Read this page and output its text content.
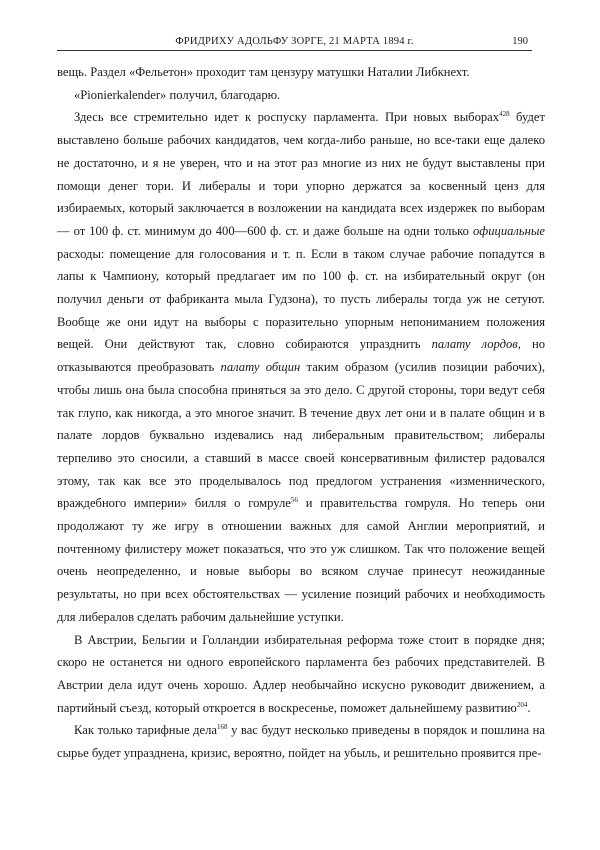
ФРИДРИХУ АДОЛЬФУ ЗОРГЕ, 21 МАРТА 1894 г.	190

вещь. Раздел «Фельетон» проходит там цензуру матушки Наталии Либкнехт.

«Pionierkalender» получил, благодарю.

Здесь все стремительно идет к роспуску парламента. При новых выборах$^{428}$ будет выставлено больше рабочих кандидатов, чем когда-либо раньше, но все-таки еще далеко не достаточно, и я не уверен, что и на этот раз многие из них не будут выставлены при помощи денег тори. И либералы и тори упорно держатся за косвенный ценз для избираемых, который заключается в возложении на кандидата всех издержек по выборам — от 100 ф. ст. минимум до 400—600 ф. ст. и даже больше на одни только официальные расходы: помещение для голосования и т. п. Если в таком случае рабочие попадутся в лапы к Чампиону, который предлагает им по 100 ф. ст. на избирательный округ (он получил деньги от фабриканта мыла Гудзона), то пусть либералы тогда уж не сетуют. Вообще же они идут на выборы с поразительно упорным непониманием положения вещей. Они действуют так, словно собираются упразднить палату лордов, но отказываются преобразовать палату общин таким образом (усилив позиции рабочих), чтобы лишь она была способна приняться за это дело. С другой стороны, тори ведут себя так глупо, как никогда, а это многое значит. В течение двух лет они и в палате общин и в палате лордов буквально издевались над либеральным правительством; либералы терпеливо это сносили, а ставший в массе своей консервативным филистер радовался этому, так как все это проделывалось под предлогом устранения «изменнического, враждебного империи» билля о гомруле$^{56}$ и правительства гомруля. Но теперь они продолжают ту же игру в отношении важных для самой Англии мероприятий, и почтенному филистеру может показаться, что это уж слишком. Так что положение вещей очень неопределенно, и новые выборы во всяком случае принесут неожиданные результаты, но при всех обстоятельствах — усиление позиций рабочих и необходимость для либералов сделать рабочим дальнейшие уступки.

В Австрии, Бельгии и Голландии избирательная реформа тоже стоит в порядке дня; скоро не останется ни одного европейского парламента без рабочих представителей. В Австрии дела идут очень хорошо. Адлер необычайно искусно руководит движением, а партийный съезд, который откроется в воскресенье, поможет дальнейшему развитию$^{204}$.

Как только тарифные дела$^{168}$ у вас будут несколько приведены в порядок и пошлина на сырье будет упразднена, кризис, вероятно, пойдет на убыль, и решительно проявится пре-
